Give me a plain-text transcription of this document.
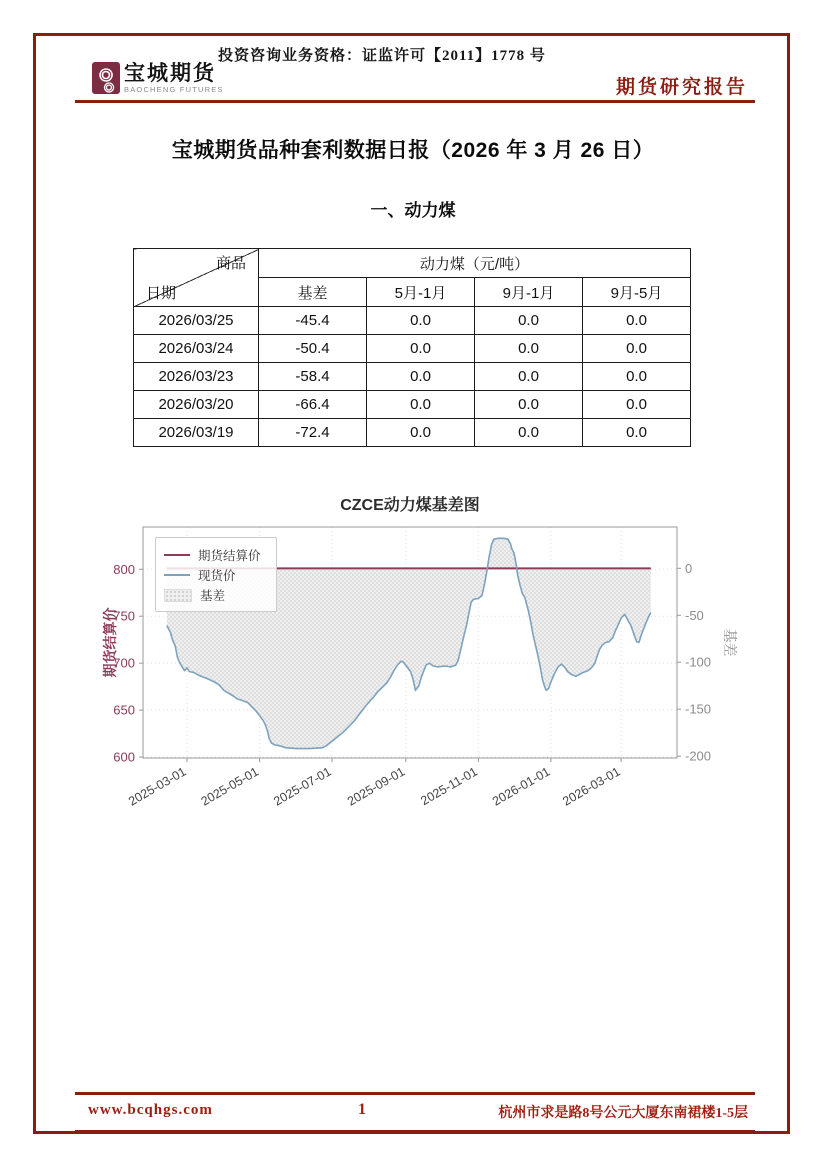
投资咨询业务资格：证监许可【2011】1778 号
宝城期货
BAOCHENG FUTURES	期货研究报告
宝城期货品种套利数据日报（2026 年 3 月 26 日）
一、动力煤
商品
日期	动力煤（元/吨）			
	基差	5月-1月	9月-1月	9月-5月
2026/03/25	-45.4	0.0	0.0	0.0
2026/03/24	-50.4	0.0	0.0	0.0
2026/03/23	-58.4	0.0	0.0	0.0
2026/03/20	-66.4	0.0	0.0	0.0
2026/03/19	-72.4	0.0	0.0	0.0
600
650
700
750
800	0
-50
-100
-150
-200
2025-03-01 2025-05-01 2025-07-01 2025-09-01 2025-11-01 2026-01-01 2026-03-01
期货结算价	基差
CZCE动力煤基差图
期货结算价
现货价
基差
www.bcqhgs.com	1	杭州市求是路8号公元大厦东南裙楼1-5层
